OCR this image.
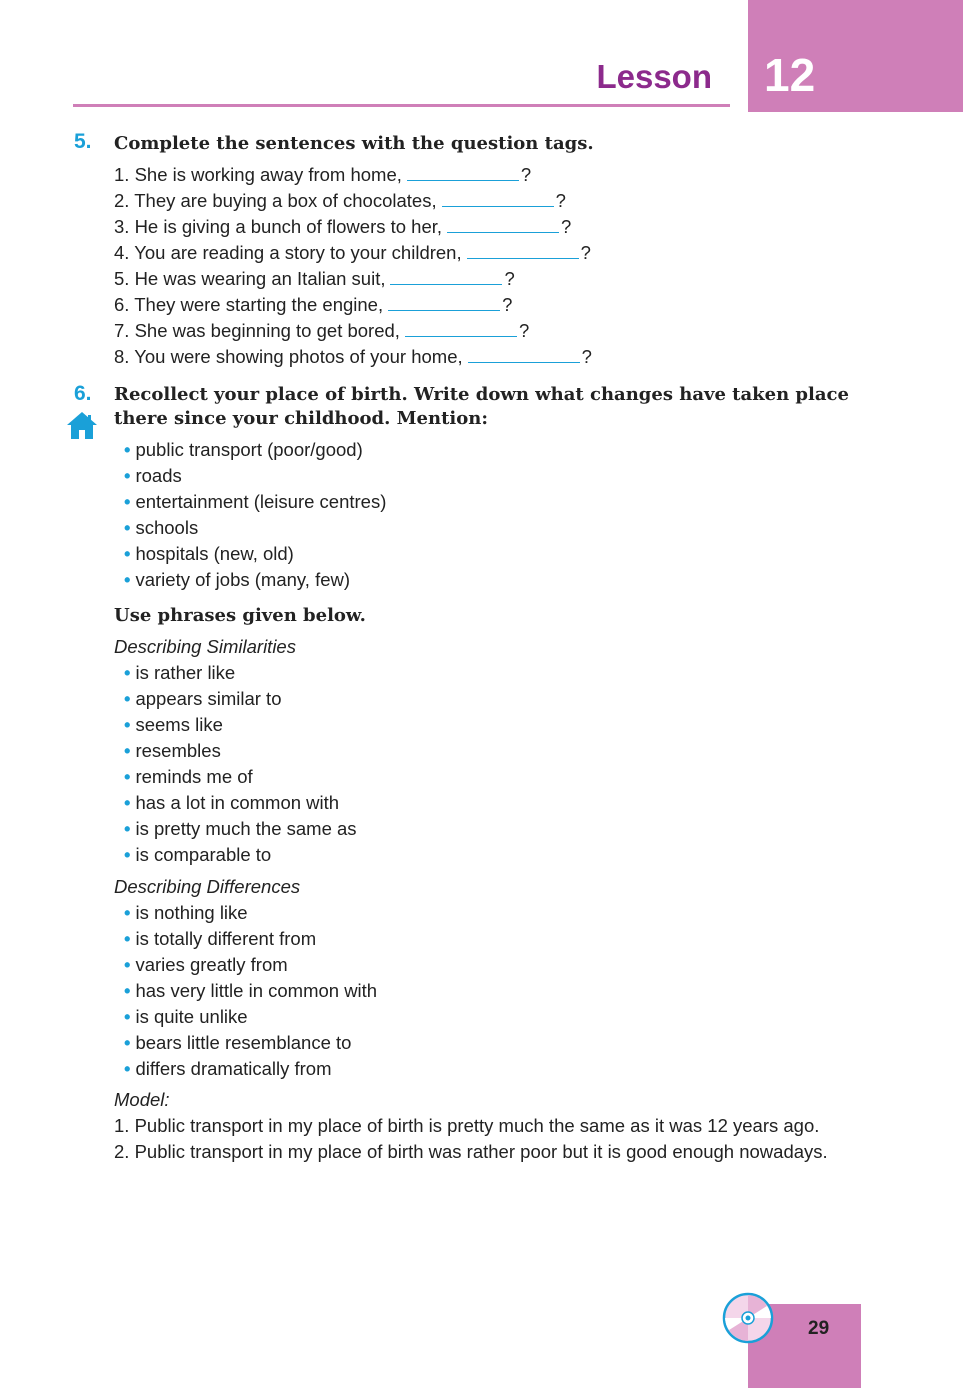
Lesson 12
5. Complete the sentences with the question tags.
1. She is working away from home,	?
2. They are buying a box of chocolates,	?
3. He is giving a bunch of flowers to her,	?
4. You are reading a story to your children,	?
5. He was wearing an Italian suit,	?
6. They were starting the engine,	?
7. She was beginning to get bored,	?
8. You were showing photos of your home,	?
6. Recollect your place of birth. Write down what changes have taken place
there since your childhood. Mention:
• public transport (poor/good)
• roads
• entertainment (leisure centres)
• schools
• hospitals (new, old)
• variety of jobs (many, few)
Use phrases given below.
Describing Similarities
• is rather like
• appears similar to
• seems like
• resembles
• reminds me of
• has a lot in common with
• is pretty much the same as
• is comparable to
Describing Differences
• is nothing like
• is totally different from
• varies greatly from
• has very little in common with
• is quite unlike
• bears little resemblance to
• differs dramatically from
Model:
1. Public transport in my place of birth is pretty much the same as it was 12 years ago.
2. Public transport in my place of birth was rather poor but it is good enough nowadays.
29
